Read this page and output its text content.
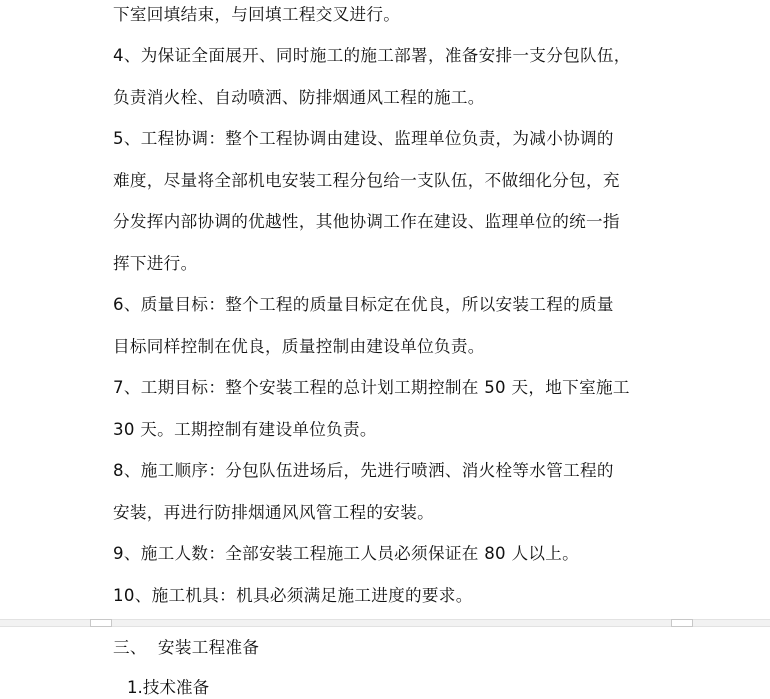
下室回填结束，与回填工程交叉进行。
4、为保证全面展开、同时施工的施工部署，准备安排一支分包队伍，
负责消火栓、自动喷洒、防排烟通风工程的施工。
5、工程协调：整个工程协调由建设、监理单位负责，为减小协调的
难度，尽量将全部机电安装工程分包给一支队伍，不做细化分包，充
分发挥内部协调的优越性，其他协调工作在建设、监理单位的统一指
挥下进行。
6、质量目标：整个工程的质量目标定在优良，所以安装工程的质量
目标同样控制在优良，质量控制由建设单位负责。
7、工期目标：整个安装工程的总计划工期控制在 50 天，地下室施工
30 天。工期控制有建设单位负责。
8、施工顺序：分包队伍进场后，先进行喷洒、消火栓等水管工程的
安装，再进行防排烟通风风管工程的安装。
9、施工人数：全部安装工程施工人员必须保证在 80 人以上。
10、施工机具：机具必须满足施工进度的要求。
三、  安装工程准备
1.技术准备
